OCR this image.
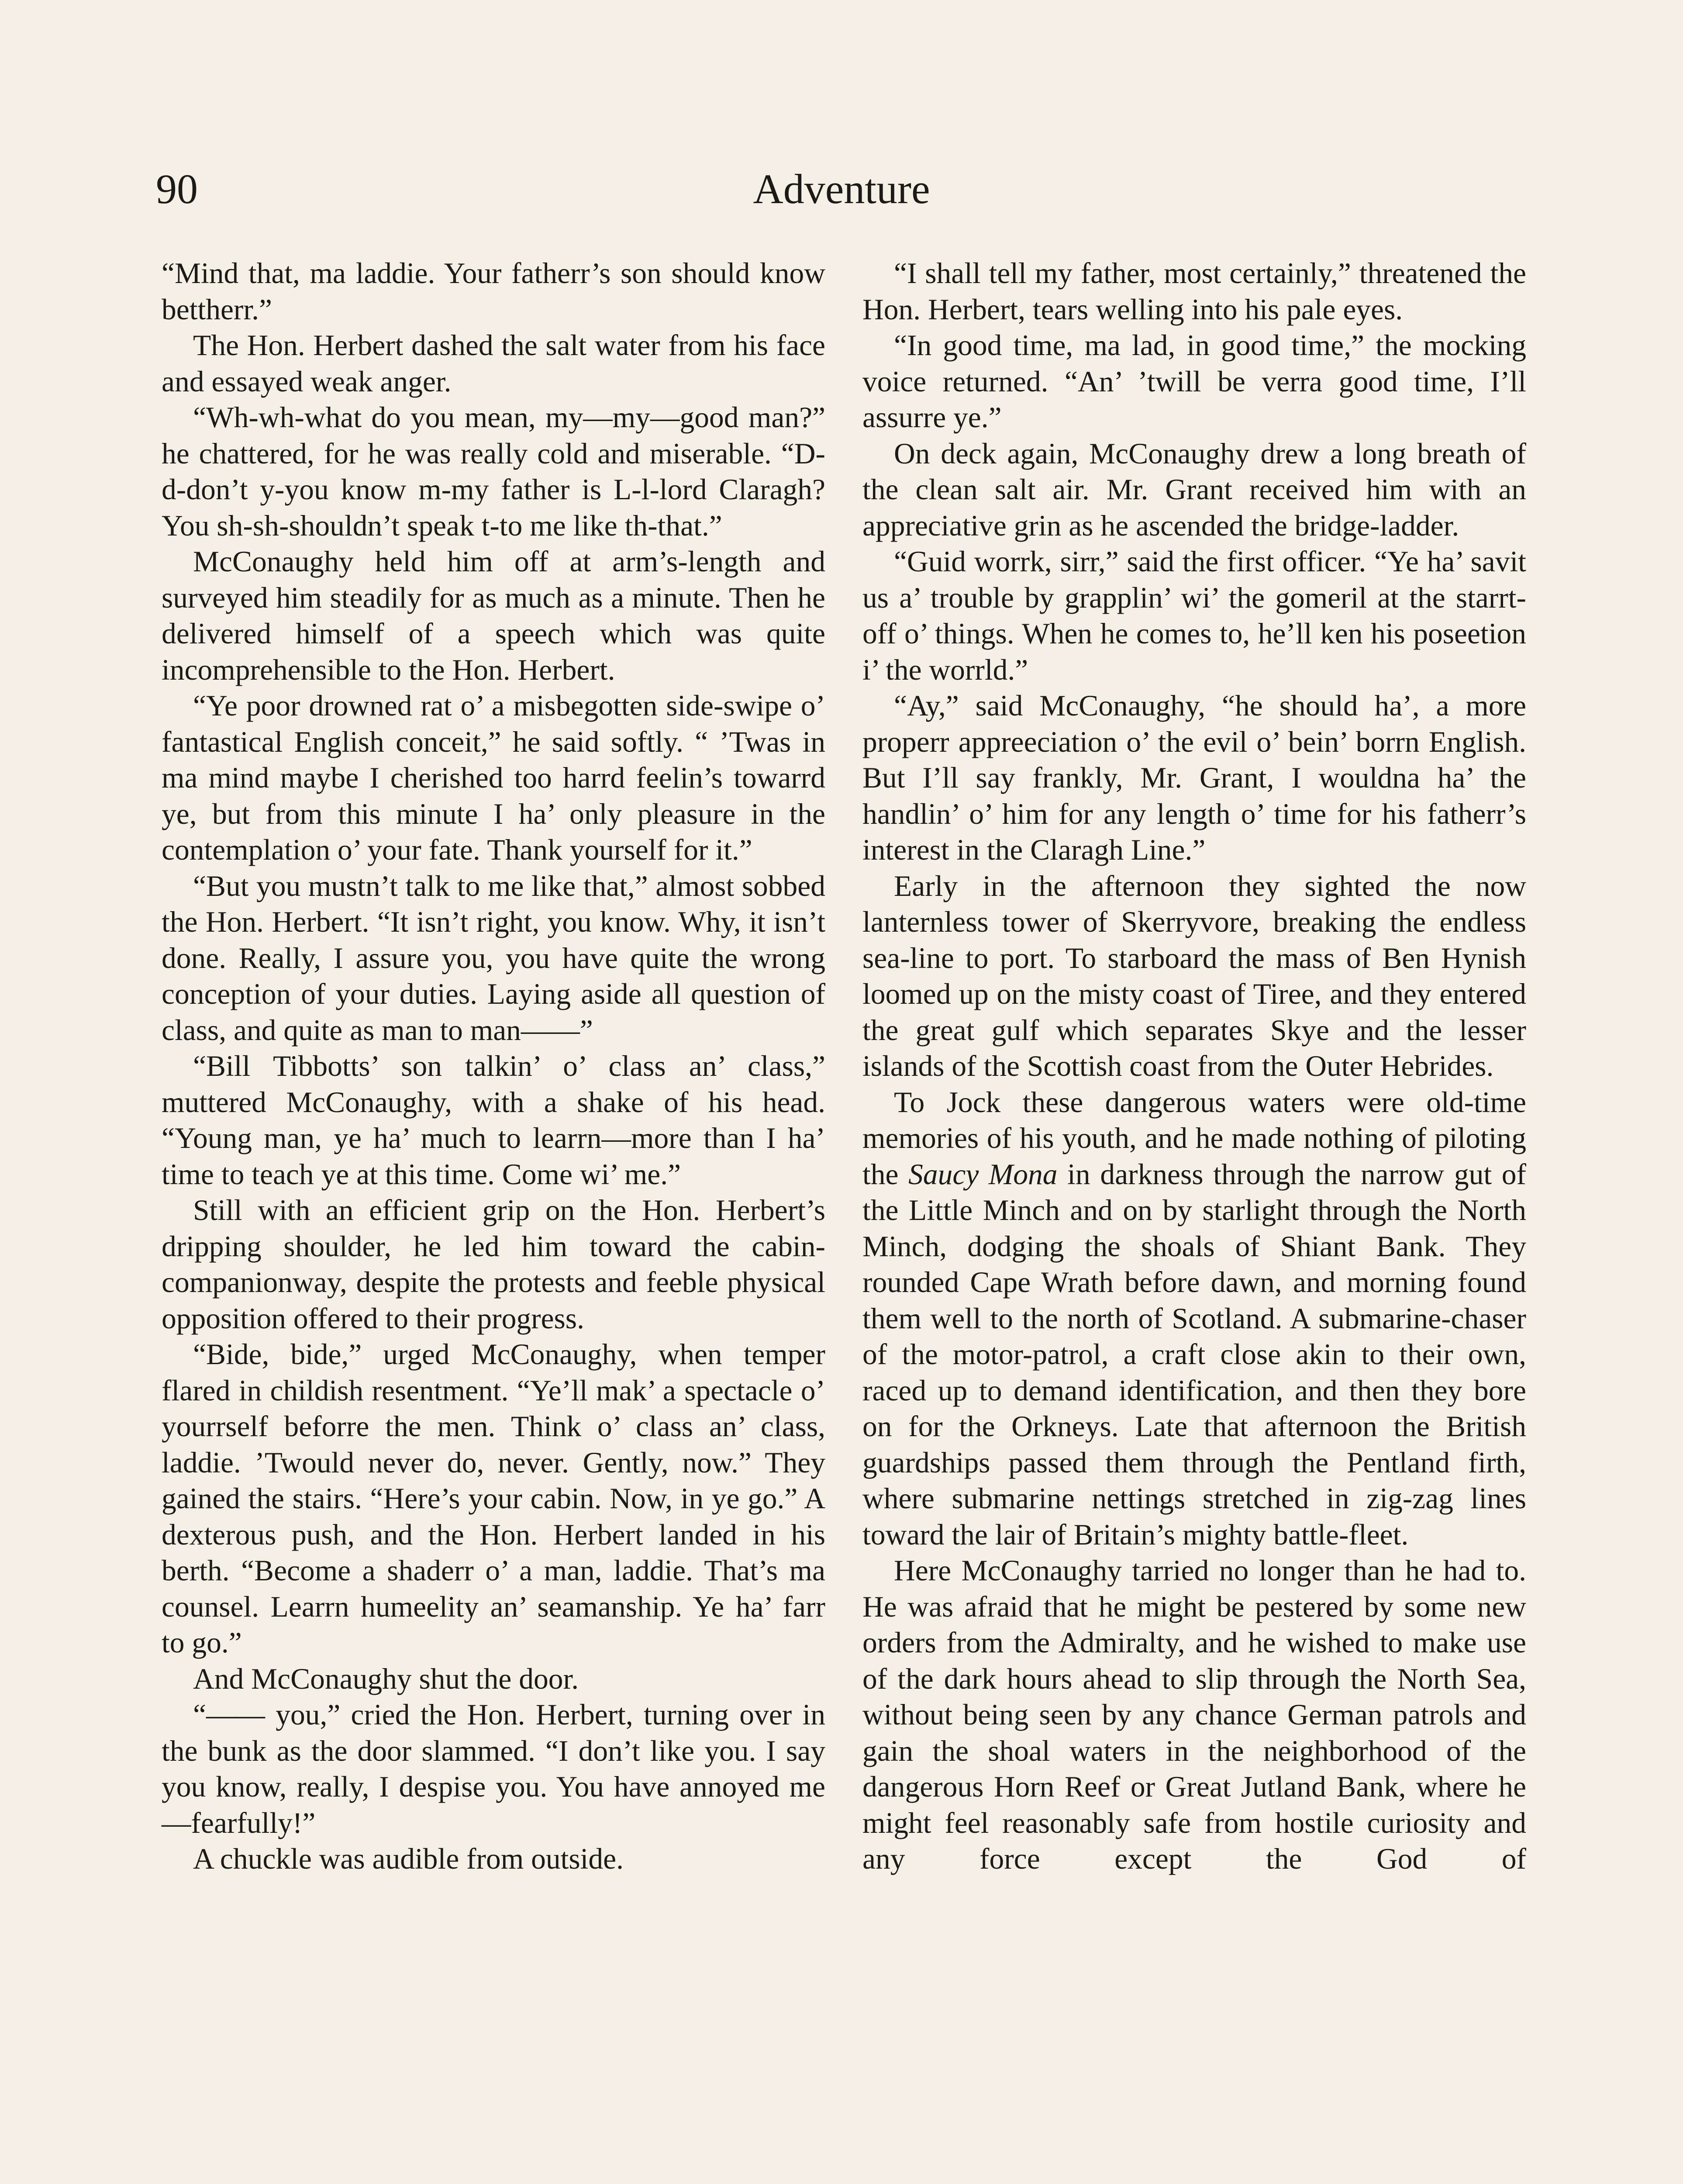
90	Adventure

“Mind that, ma laddie. Your fatherr’s son should know bettherr.”

The Hon. Herbert dashed the salt water from his face and essayed weak anger.

“Wh-wh-what do you mean, my—my—good man?” he chattered, for he was really cold and miserable. “D-d-don’t y-you know m-my father is L-l-lord Claragh? You sh-sh-shouldn’t speak t-to me like th-that.”

McConaughy held him off at arm’s-length and surveyed him steadily for as much as a minute. Then he delivered himself of a speech which was quite incomprehensible to the Hon. Herbert.

“Ye poor drowned rat o’ a misbegotten side-swipe o’ fantastical English conceit,” he said softly. “ ’Twas in ma mind maybe I cherished too harrd feelin’s towarrd ye, but from this minute I ha’ only pleasure in the contemplation o’ your fate. Thank yourself for it.”

“But you mustn’t talk to me like that,” almost sobbed the Hon. Herbert. “It isn’t right, you know. Why, it isn’t done. Really, I assure you, you have quite the wrong conception of your duties. Laying aside all question of class, and quite as man to man——”

“Bill Tibbotts’ son talkin’ o’ class an’ class,” muttered McConaughy, with a shake of his head. “Young man, ye ha’ much to learrn—more than I ha’ time to teach ye at this time. Come wi’ me.”

Still with an efficient grip on the Hon. Herbert’s dripping shoulder, he led him toward the cabin-companionway, despite the protests and feeble physical opposition offered to their progress.

“Bide, bide,” urged McConaughy, when temper flared in childish resentment. “Ye’ll mak’ a spectacle o’ yourrself beforre the men. Think o’ class an’ class, laddie. ’Twould never do, never. Gently, now.” They gained the stairs. “Here’s your cabin. Now, in ye go.” A dexterous push, and the Hon. Herbert landed in his berth. “Become a shaderr o’ a man, laddie. That’s ma counsel. Learrn humeelity an’ seamanship. Ye ha’ farr to go.”

And McConaughy shut the door.

“—— you,” cried the Hon. Herbert, turning over in the bunk as the door slammed. “I don’t like you. I say you know, really, I despise you. You have annoyed me—fearfully!”

A chuckle was audible from outside.

“I shall tell my father, most certainly,” threatened the Hon. Herbert, tears welling into his pale eyes.

“In good time, ma lad, in good time,” the mocking voice returned. “An’ ’twill be verra good time, I’ll assurre ye.”

On deck again, McConaughy drew a long breath of the clean salt air. Mr. Grant received him with an appreciative grin as he ascended the bridge-ladder.

“Guid worrk, sirr,” said the first officer. “Ye ha’ savit us a’ trouble by grapplin’ wi’ the gomeril at the starrt-off o’ things. When he comes to, he’ll ken his poseetion i’ the worrld.”

“Ay,” said McConaughy, “he should ha’, a more properr appreeciation o’ the evil o’ bein’ borrn English. But I’ll say frankly, Mr. Grant, I wouldna ha’ the handlin’ o’ him for any length o’ time for his fatherr’s interest in the Claragh Line.”

Early in the afternoon they sighted the now lanternless tower of Skerryvore, breaking the endless sea-line to port. To starboard the mass of Ben Hynish loomed up on the misty coast of Tiree, and they entered the great gulf which separates Skye and the lesser islands of the Scottish coast from the Outer Hebrides.

To Jock these dangerous waters were old-time memories of his youth, and he made nothing of piloting the Saucy Mona in darkness through the narrow gut of the Little Minch and on by starlight through the North Minch, dodging the shoals of Shiant Bank. They rounded Cape Wrath before dawn, and morning found them well to the north of Scotland. A submarine-chaser of the motor-patrol, a craft close akin to their own, raced up to demand identification, and then they bore on for the Orkneys. Late that afternoon the British guardships passed them through the Pentland firth, where submarine nettings stretched in zig-zag lines toward the lair of Britain’s mighty battle-fleet.

Here McConaughy tarried no longer than he had to. He was afraid that he might be pestered by some new orders from the Admiralty, and he wished to make use of the dark hours ahead to slip through the North Sea, without being seen by any chance German patrols and gain the shoal waters in the neighborhood of the dangerous Horn Reef or Great Jutland Bank, where he might feel reasonably safe from hostile curiosity and any force except the God of
